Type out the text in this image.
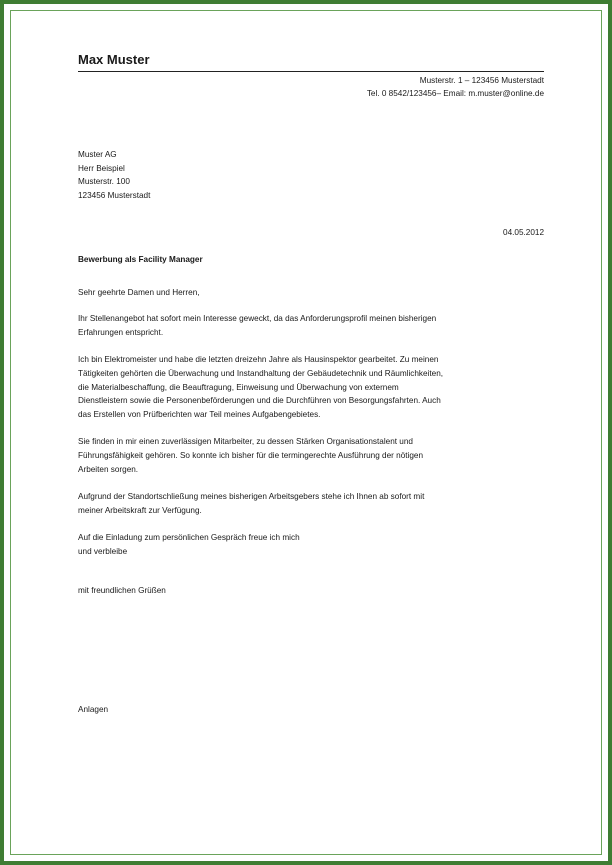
Max Muster
Musterstr. 1 – 123456 Musterstadt
Tel. 0 8542/123456– Email: m.muster@online.de
Muster AG
Herr Beispiel
Musterstr. 100
123456 Musterstadt
04.05.2012
Bewerbung als Facility Manager
Sehr geehrte Damen und Herren,
Ihr Stellenangebot hat sofort mein Interesse geweckt, da das Anforderungsprofil meinen bisherigen
Erfahrungen entspricht.
Ich bin Elektromeister und habe die letzten dreizehn Jahre als Hausinspektor gearbeitet. Zu meinen
Tätigkeiten gehörten die Überwachung und Instandhaltung der Gebäudetechnik und Räumlichkeiten,
die Materialbeschaffung, die Beauftragung, Einweisung und Überwachung von externem
Dienstleistern sowie die Personenbeförderungen und die Durchführen von Besorgungsfahrten. Auch
das Erstellen von Prüfberichten war Teil meines Aufgabengebietes.
Sie finden in mir einen zuverlässigen Mitarbeiter, zu dessen Stärken Organisationstalent und
Führungsfähigkeit gehören. So konnte ich bisher für die termingerechte Ausführung der nötigen
Arbeiten sorgen.
Aufgrund der Standortschließung meines bisherigen Arbeitsgebers stehe ich Ihnen ab sofort mit
meiner Arbeitskraft zur Verfügung.
Auf die Einladung zum persönlichen Gespräch freue ich mich
und verbleibe
mit freundlichen Grüßen
Anlagen
